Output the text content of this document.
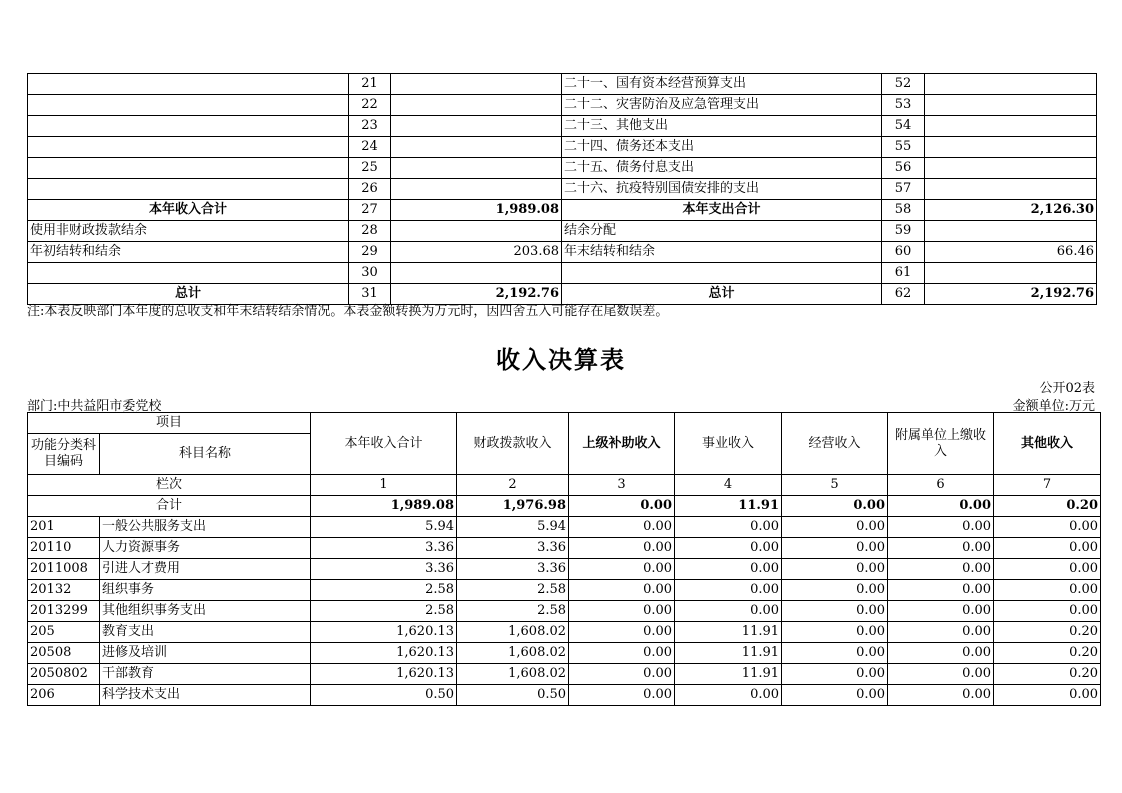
	21		二十一、国有资本经营预算支出	52	
	22		二十二、灾害防治及应急管理支出	53	
	23		二十三、其他支出	54	
	24		二十四、债务还本支出	55	
	25		二十五、债务付息支出	56	
	26		二十六、抗疫特别国债安排的支出	57	
本年收入合计	27	1,989.08	本年支出合计	58	2,126.30
使用非财政拨款结余	28		结余分配	59	
年初结转和结余	29	203.68	年末结转和结余	60	66.46
	30			61	
总计	31	2,192.76	总计	62	2,192.76
注:本表反映部门本年度的总收支和年末结转结余情况。本表金额转换为万元时，因四舍五入可能存在尾数误差。
收入决算表
公开02表
部门:中共益阳市委党校	金额单位:万元
项目		本年收入合计	财政拨款收入	上级补助收入	事业收入	经营收入	附属单位上缴收入	其他收入
功能分类科目编码	科目名称							
栏次		1	2	3	4	5	6	7
合计		1,989.08	1,976.98	0.00	11.91	0.00	0.00	0.20
201	一般公共服务支出	5.94	5.94	0.00	0.00	0.00	0.00	0.00
20110	人力资源事务	3.36	3.36	0.00	0.00	0.00	0.00	0.00
2011008	引进人才费用	3.36	3.36	0.00	0.00	0.00	0.00	0.00
20132	组织事务	2.58	2.58	0.00	0.00	0.00	0.00	0.00
2013299	其他组织事务支出	2.58	2.58	0.00	0.00	0.00	0.00	0.00
205	教育支出	1,620.13	1,608.02	0.00	11.91	0.00	0.00	0.20
20508	进修及培训	1,620.13	1,608.02	0.00	11.91	0.00	0.00	0.20
2050802	干部教育	1,620.13	1,608.02	0.00	11.91	0.00	0.00	0.20
206	科学技术支出	0.50	0.50	0.00	0.00	0.00	0.00	0.00
